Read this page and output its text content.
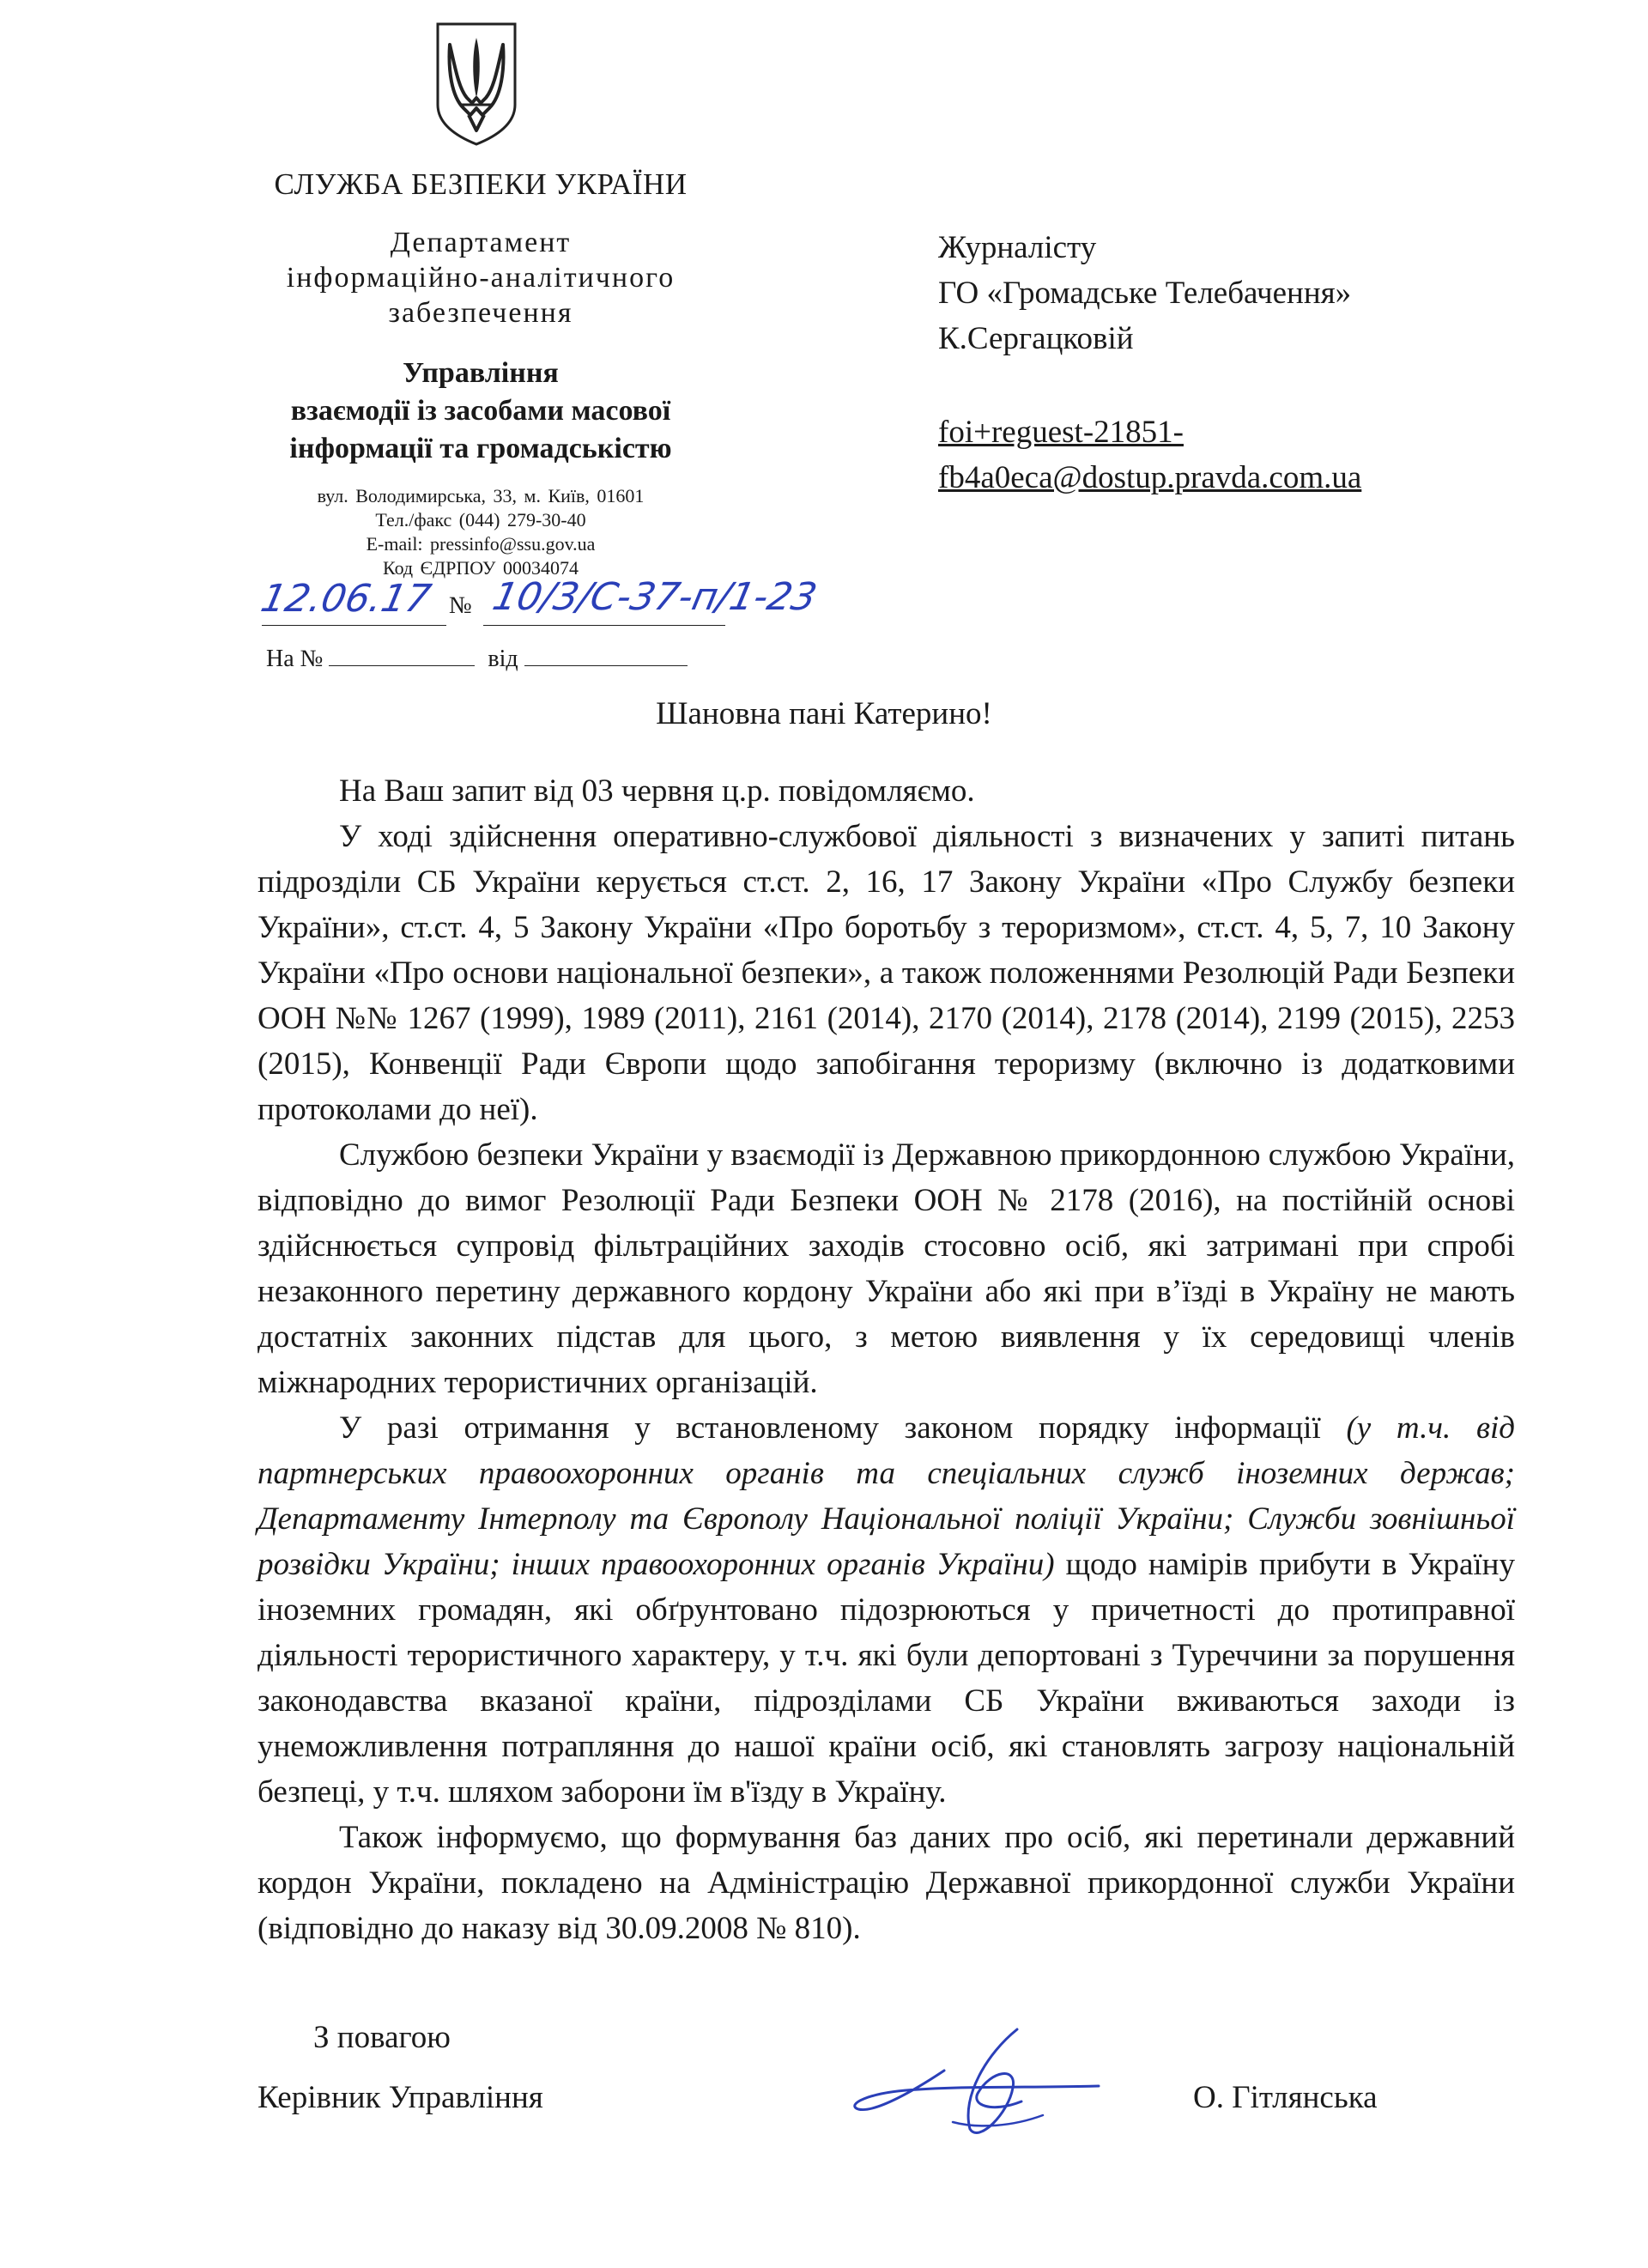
СЛУЖБА БЕЗПЕКИ УКРАЇНИ
Департамент
інформаційно-аналітичного
забезпечення
Управління
взаємодії із засобами масової
інформації та громадськістю
вул. Володимирська, 33, м. Київ, 01601
Тел./факс (044) 279-30-40
E-mail: pressinfo@ssu.gov.ua
Код ЄДРПОУ 00034074
12.06.17 № 10/3/С-37-п/1-23
На №	від
Журналісту
ГО «Громадське Телебачення»
К.Сергацковій
foi+reguest-21851-
fb4a0eca@dostup.pravda.com.ua
Шановна пані Катерино!

На Ваш запит від 03 червня ц.р. повідомляємо.

У ході здійснення оперативно-службової діяльності з визначених у запиті питань підрозділи СБ України керується ст.ст. 2, 16, 17 Закону України «Про Службу безпеки України», ст.ст. 4, 5 Закону України «Про боротьбу з тероризмом», ст.ст. 4, 5, 7, 10 Закону України «Про основи національної безпеки», а також положеннями Резолюцій Ради Безпеки ООН №№ 1267 (1999), 1989 (2011), 2161 (2014), 2170 (2014), 2178 (2014), 2199 (2015), 2253 (2015), Конвенції Ради Європи щодо запобігання тероризму (включно із додатковими протоколами до неї).

Службою безпеки України у взаємодії із Державною прикордонною службою України, відповідно до вимог Резолюції Ради Безпеки ООН № 2178 (2016), на постійній основі здійснюється супровід фільтраційних заходів стосовно осіб, які затримані при спробі незаконного перетину державного кордону України або які при в’їзді в Україну не мають достатніх законних підстав для цього, з метою виявлення у їх середовищі членів міжнародних терористичних організацій.

У разі отримання у встановленому законом порядку інформації (у т.ч. від партнерських правоохоронних органів та спеціальних служб іноземних держав; Департаменту Інтерполу та Європолу Національної поліції України; Служби зовнішньої розвідки України; інших правоохоронних органів України) щодо намірів прибути в Україну іноземних громадян, які обґрунтовано підозрюються у причетності до протиправної діяльності терористичного характеру, у т.ч. які були депортовані з Туреччини за порушення законодавства вказаної країни, підрозділами СБ України вживаються заходи із унеможливлення потрапляння до нашої країни осіб, які становлять загрозу національній безпеці, у т.ч. шляхом заборони їм в'їзду в Україну.

Також інформуємо, що формування баз даних про осіб, які перетинали державний кордон України, покладено на Адміністрацію Державної прикордонної служби України (відповідно до наказу від 30.09.2008 № 810).

З повагою
Керівник Управління	О. Гітлянська
